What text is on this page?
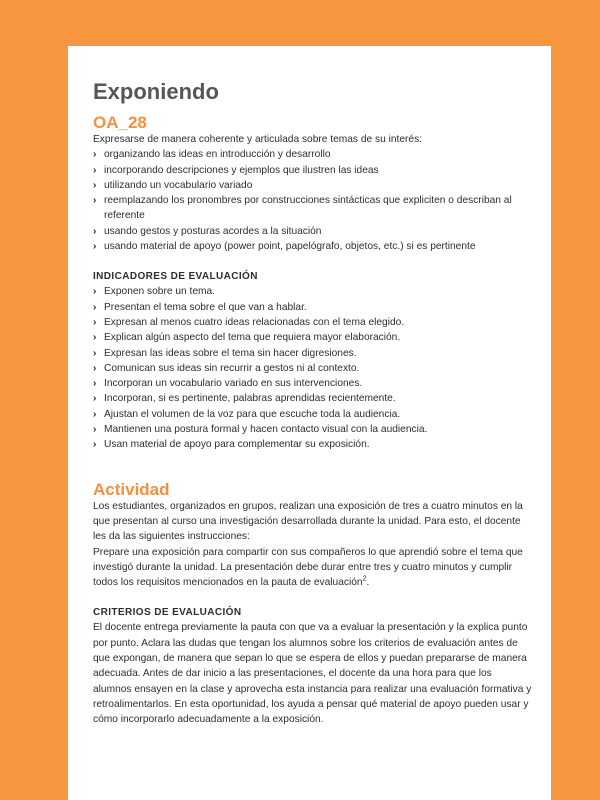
Exponiendo
OA_28

Expresarse de manera coherente y articulada sobre temas de su interés:

› organizando las ideas en introducción y desarrollo
› incorporando descripciones y ejemplos que ilustren las ideas
› utilizando un vocabulario variado
› reemplazando los pronombres por construcciones sintácticas que expliciten o describan al referente
› usando gestos y posturas acordes a la situación
› usando material de apoyo (power point, papelógrafo, objetos, etc.) si es pertinente
INDICADORES DE EVALUACIÓN
› Exponen sobre un tema.
› Presentan el tema sobre el que van a hablar.
› Expresan al menos cuatro ideas relacionadas con el tema elegido.
› Explican algún aspecto del tema que requiera mayor elaboración.
› Expresan las ideas sobre el tema sin hacer digresiones.
› Comunican sus ideas sin recurrir a gestos ni al contexto.
› Incorporan un vocabulario variado en sus intervenciones.
› Incorporan, si es pertinente, palabras aprendidas recientemente.
› Ajustan el volumen de la voz para que escuche toda la audiencia.
› Mantienen una postura formal y hacen contacto visual con la audiencia.
› Usan material de apoyo para complementar su exposición.
Actividad

Los estudiantes, organizados en grupos, realizan una exposición de tres a cuatro minutos en la que presentan al curso una investigación desarrollada durante la unidad. Para esto, el docente les da las siguientes instrucciones:

Prepare una exposición para compartir con sus compañeros lo que aprendió sobre el tema que investigó durante la unidad. La presentación debe durar entre tres y cuatro minutos y cumplir todos los requisitos mencionados en la pauta de evaluación$^2$.

CRITERIOS DE EVALUACIÓN

El docente entrega previamente la pauta con que va a evaluar la presentación y la explica punto por punto. Aclara las dudas que tengan los alumnos sobre los criterios de evaluación antes de que expongan, de manera que sepan lo que se espera de ellos y puedan prepararse de manera adecuada. Antes de dar inicio a las presentaciones, el docente da una hora para que los alumnos ensayen en la clase y aprovecha esta instancia para realizar una evaluación formativa y retroalimentarlos. En esta oportunidad, los ayuda a pensar qué material de apoyo pueden usar y cómo incorporarlo adecuadamente a la exposición.
